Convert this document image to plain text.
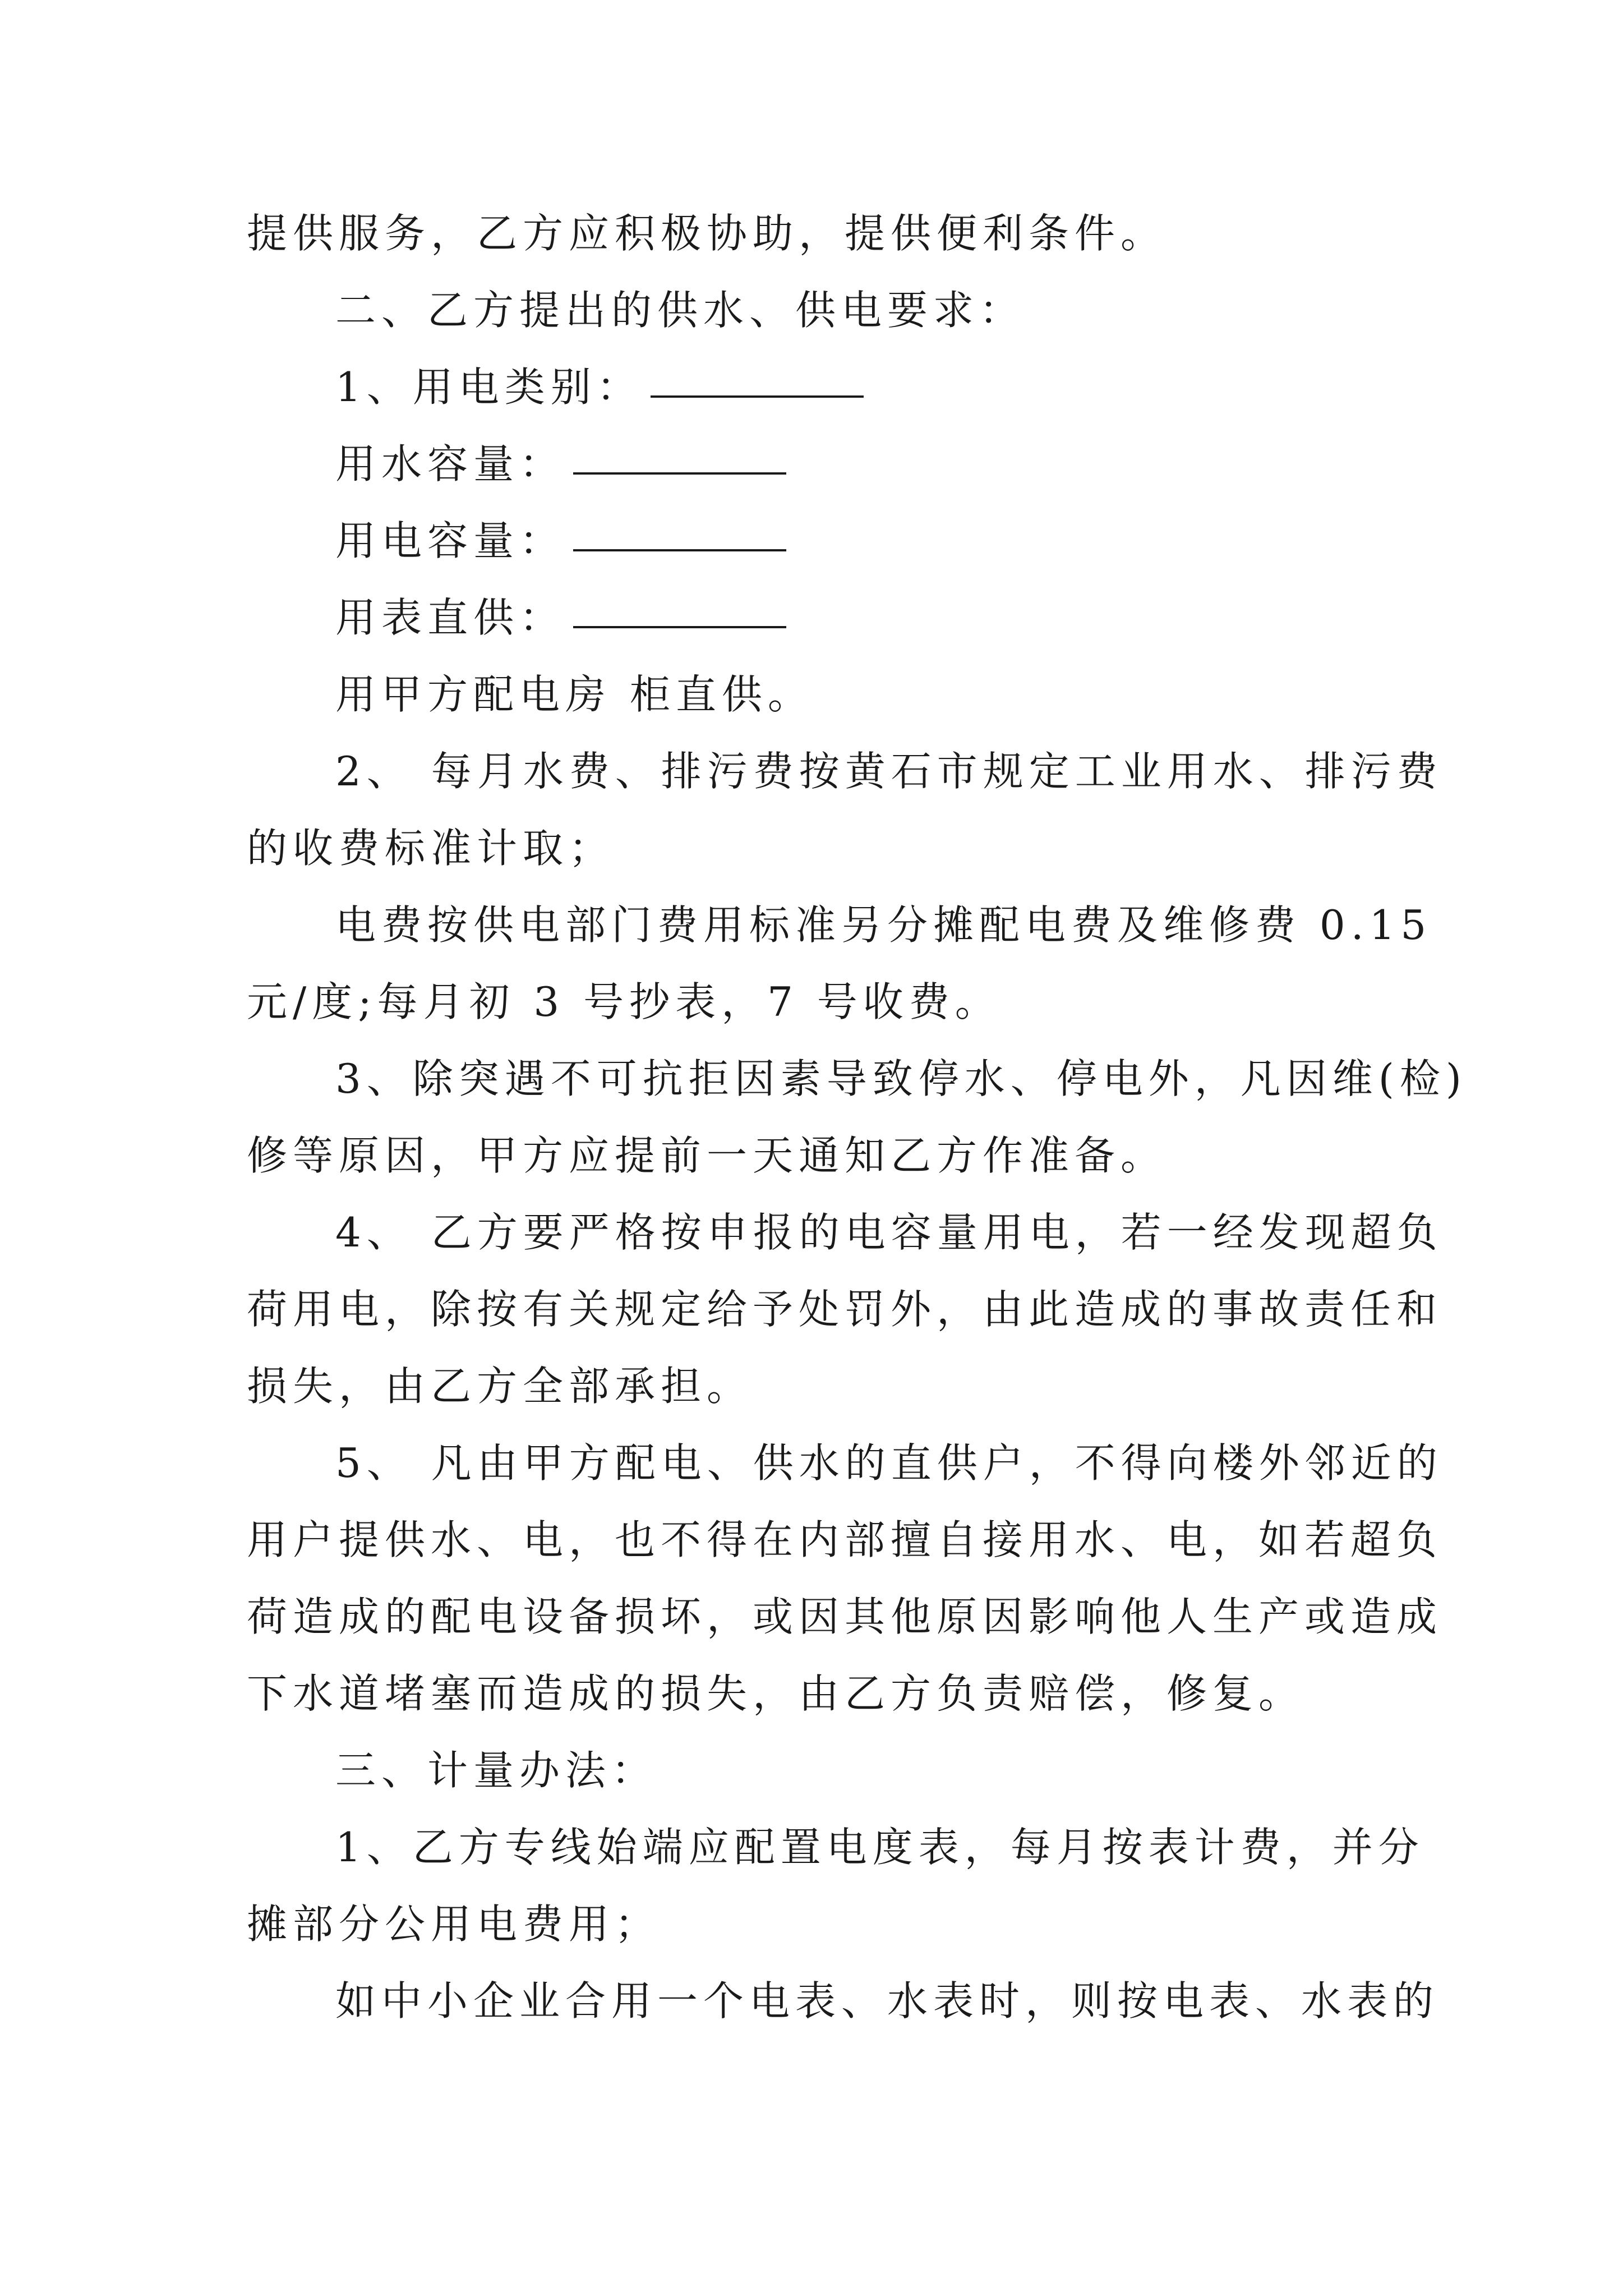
提供服务，乙方应积极协助，提供便利条件。
二、乙方提出的供水、供电要求：
1、用电类别：
用水容量：
用电容量：
用表直供：
用甲方配电房 柜直供。
2、 每月水费、排污费按黄石市规定工业用水、排污费
的收费标准计取；
电费按供电部门费用标准另分摊配电费及维修费 0.15
元/度;每月初 3 号抄表，7 号收费。
3、除突遇不可抗拒因素导致停水、停电外，凡因维(检)
修等原因，甲方应提前一天通知乙方作准备。
4、 乙方要严格按申报的电容量用电，若一经发现超负
荷用电，除按有关规定给予处罚外，由此造成的事故责任和
损失，由乙方全部承担。
5、 凡由甲方配电、供水的直供户，不得向楼外邻近的
用户提供水、电，也不得在内部擅自接用水、电，如若超负
荷造成的配电设备损坏，或因其他原因影响他人生产或造成
下水道堵塞而造成的损失，由乙方负责赔偿，修复。
三、计量办法：
1、乙方专线始端应配置电度表，每月按表计费，并分
摊部分公用电费用；
如中小企业合用一个电表、水表时，则按电表、水表的
